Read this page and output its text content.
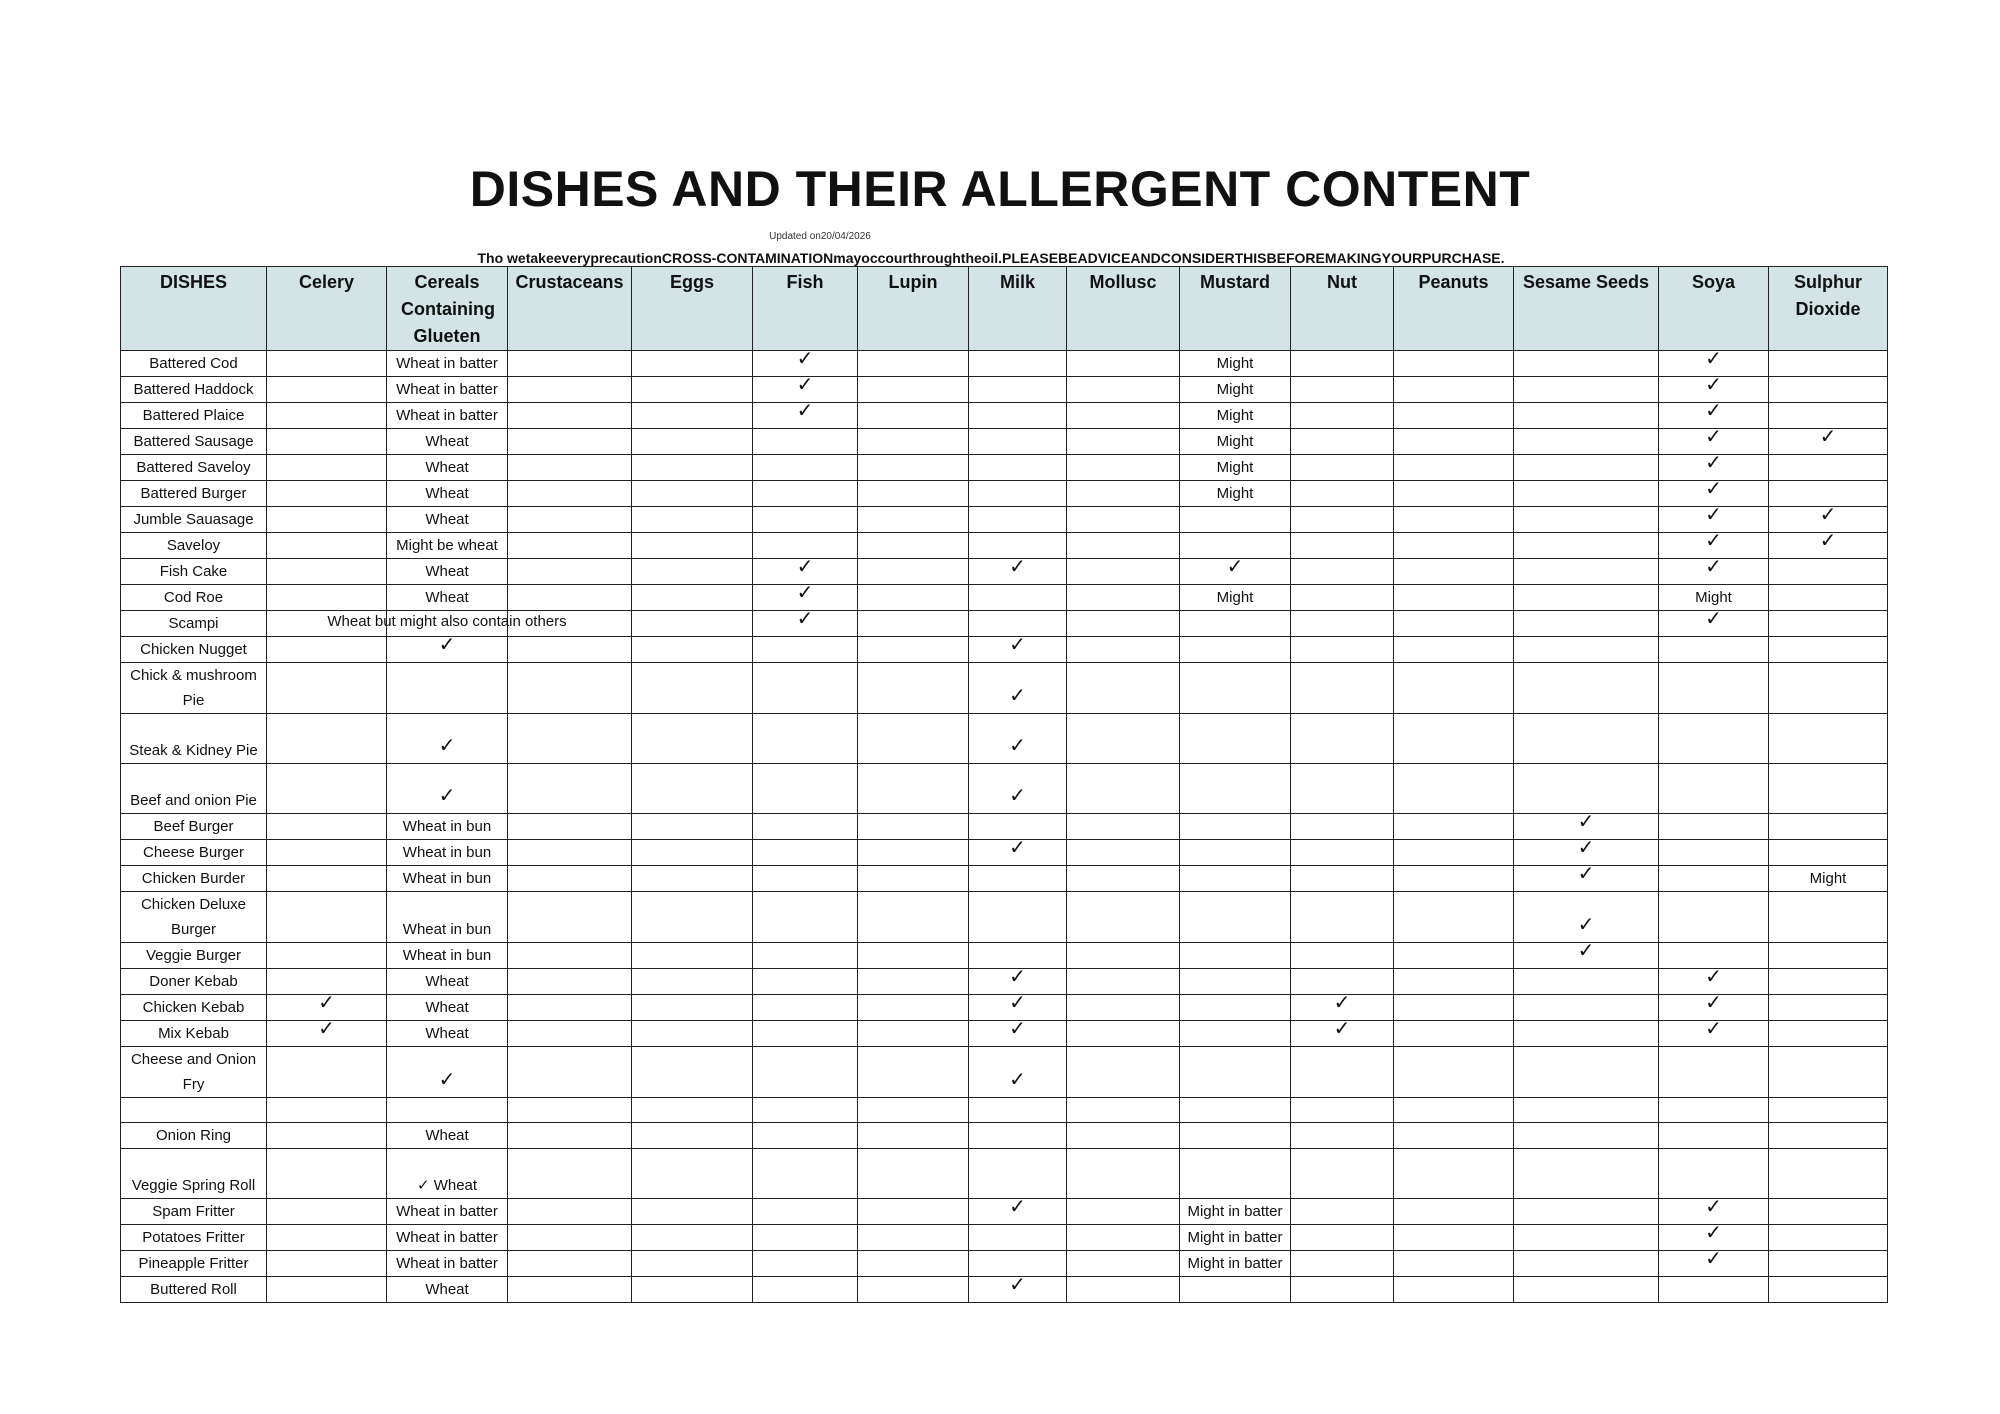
DISHES AND THEIR ALLERGENT CONTENT
Updated on20/04/2026
Tho wetakeeveryprecautionCROSS-CONTAMINATIONmayoccourthroughtheoil.PLEASEBEADVICEANDCONSIDERTHISBEFOREMAKINGYOURPURCHASE.
DISHES	Celery	Cereals Containing Glueten	Crustaceans	Eggs	Fish	Lupin	Milk	Mollusc	Mustard	Nut	Peanuts	Sesame Seeds	Soya	Sulphur Dioxide
Battered Cod		Wheat in batter			✓				Might				✓	
Battered Haddock		Wheat in batter			✓				Might				✓	
Battered Plaice		Wheat in batter			✓				Might				✓	
Battered Sausage		Wheat							Might				✓	✓
Battered Saveloy		Wheat							Might				✓	
Battered Burger		Wheat							Might				✓	
Jumble Sauasage		Wheat											✓	✓
Saveloy		Might be wheat											✓	✓
Fish Cake		Wheat			✓		✓		✓				✓	
Cod Roe		Wheat			✓				Might				Might	
Scampi		Wheat but might also contain others			✓								✓	
Chicken Nugget		✓					✓							
Chick & mushroom Pie							✓							
Steak & Kidney Pie		✓					✓							
Beef and onion Pie		✓					✓							
Beef Burger		Wheat in bun										✓		
Cheese Burger		Wheat in bun					✓					✓		
Chicken Burder		Wheat in bun										✓		Might
Chicken Deluxe Burger		Wheat in bun										✓		
Veggie Burger		Wheat in bun										✓		
Doner Kebab		Wheat					✓						✓	
Chicken Kebab	✓	Wheat					✓			✓			✓	
Mix Kebab	✓	Wheat					✓			✓			✓	
Cheese and Onion Fry		✓					✓							

Onion Ring		Wheat												
Veggie Spring Roll		✓ Wheat												
Spam Fritter		Wheat in batter					✓		Might in batter				✓	
Potatoes Fritter		Wheat in batter							Might in batter				✓	
Pineapple Fritter		Wheat in batter							Might in batter				✓	
Buttered Roll		Wheat					✓							
